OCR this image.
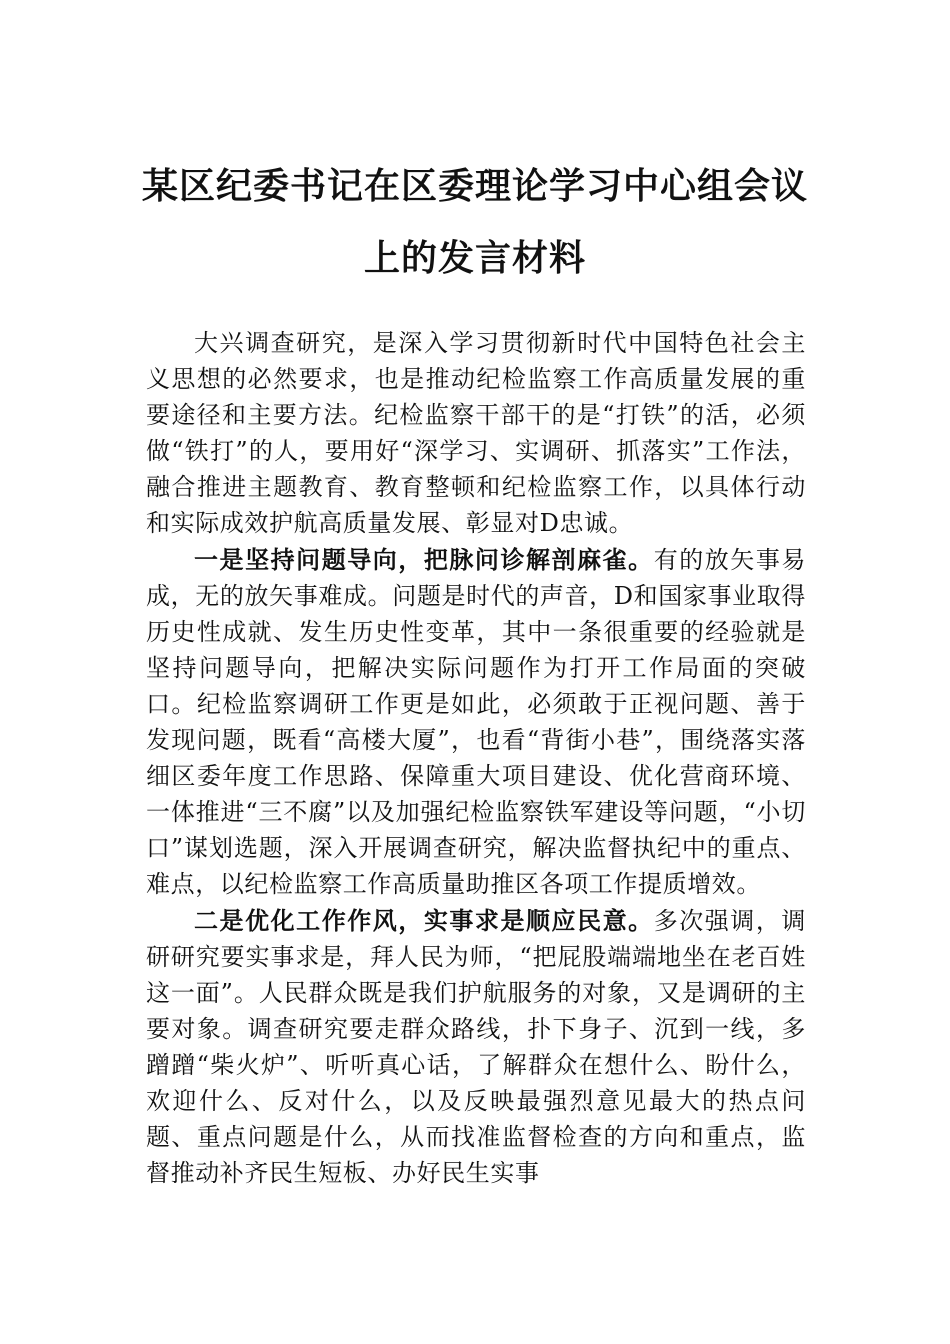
某区纪委书记在区委理论学习中心组会议
上的发言材料

大兴调查研究，是深入学习贯彻新时代中国特色社会主义思想的必然要求，也是推动纪检监察工作高质量发展的重要途径和主要方法。纪检监察干部干的是“打铁”的活，必须做“铁打”的人，要用好“深学习、实调研、抓落实”工作法，融合推进主题教育、教育整顿和纪检监察工作，以具体行动和实际成效护航高质量发展、彰显对D忠诚。

一是坚持问题导向，把脉问诊解剖麻雀。有的放矢事易成，无的放矢事难成。问题是时代的声音，D和国家事业取得历史性成就、发生历史性变革，其中一条很重要的经验就是坚持问题导向，把解决实际问题作为打开工作局面的突破口。纪检监察调研工作更是如此，必须敢于正视问题、善于发现问题，既看“高楼大厦”，也看“背街小巷”，围绕落实落细区委年度工作思路、保障重大项目建设、优化营商环境、一体推进“三不腐”以及加强纪检监察铁军建设等问题，“小切口”谋划选题，深入开展调查研究，解决监督执纪中的重点、难点，以纪检监察工作高质量助推区各项工作提质增效。

二是优化工作作风，实事求是顺应民意。多次强调，调研研究要实事求是，拜人民为师，“把屁股端端地坐在老百姓这一面”。人民群众既是我们护航服务的对象，又是调研的主要对象。调查研究要走群众路线，扑下身子、沉到一线，多蹭蹭“柴火炉”、听听真心话，了解群众在想什么、盼什么，欢迎什么、反对什么，以及反映最强烈意见最大的热点问题、重点问题是什么，从而找准监督检查的方向和重点，监督推动补齐民生短板、办好民生实事
